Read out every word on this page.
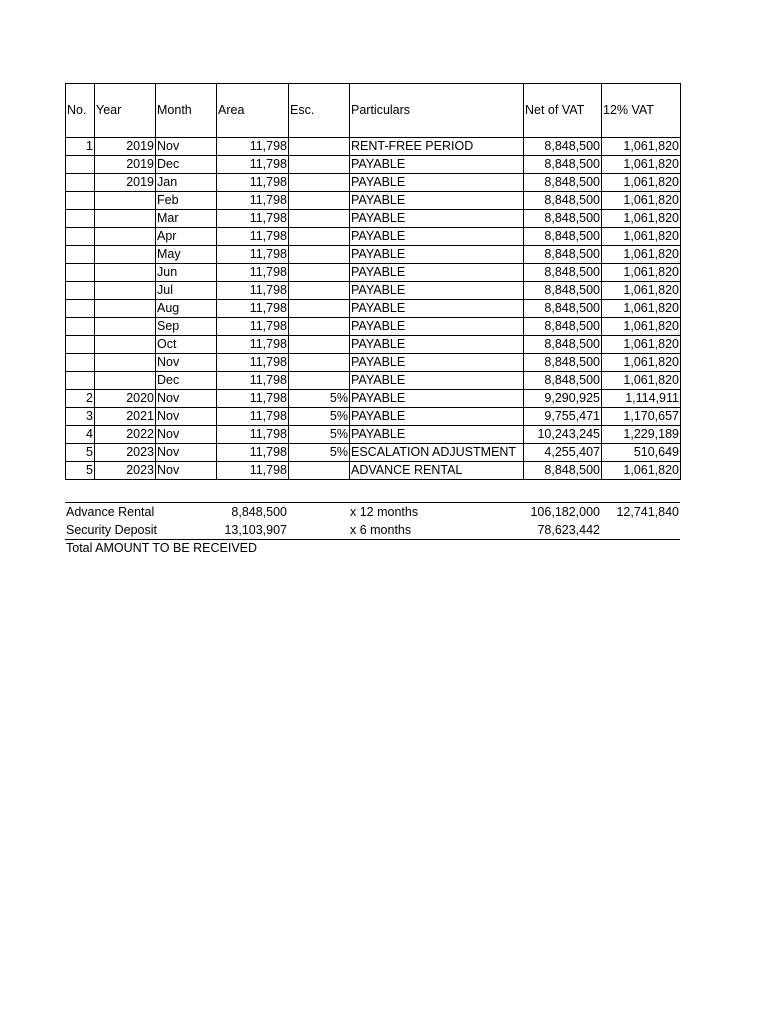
No.	Year	Month	Area	Esc.	Particulars	Net of VAT	12% VAT
1	2019	Nov	11,798		RENT-FREE PERIOD	8,848,500	1,061,820
	2019	Dec	11,798		PAYABLE	8,848,500	1,061,820
	2019	Jan	11,798		PAYABLE	8,848,500	1,061,820
		Feb	11,798		PAYABLE	8,848,500	1,061,820
		Mar	11,798		PAYABLE	8,848,500	1,061,820
		Apr	11,798		PAYABLE	8,848,500	1,061,820
		May	11,798		PAYABLE	8,848,500	1,061,820
		Jun	11,798		PAYABLE	8,848,500	1,061,820
		Jul	11,798		PAYABLE	8,848,500	1,061,820
		Aug	11,798		PAYABLE	8,848,500	1,061,820
		Sep	11,798		PAYABLE	8,848,500	1,061,820
		Oct	11,798		PAYABLE	8,848,500	1,061,820
		Nov	11,798		PAYABLE	8,848,500	1,061,820
		Dec	11,798		PAYABLE	8,848,500	1,061,820
2	2020	Nov	11,798	5%	PAYABLE	9,290,925	1,114,911
3	2021	Nov	11,798	5%	PAYABLE	9,755,471	1,170,657
4	2022	Nov	11,798	5%	PAYABLE	10,243,245	1,229,189
5	2023	Nov	11,798	5%	ESCALATION ADJUSTMENT	4,255,407	510,649
5	2023	Nov	11,798		ADVANCE RENTAL	8,848,500	1,061,820
Advance Rental	8,848,500		x 12 months	106,182,000	12,741,840
Security Deposit	13,103,907		x 6 months	78,623,442	
Total AMOUNT TO BE RECEIVED
